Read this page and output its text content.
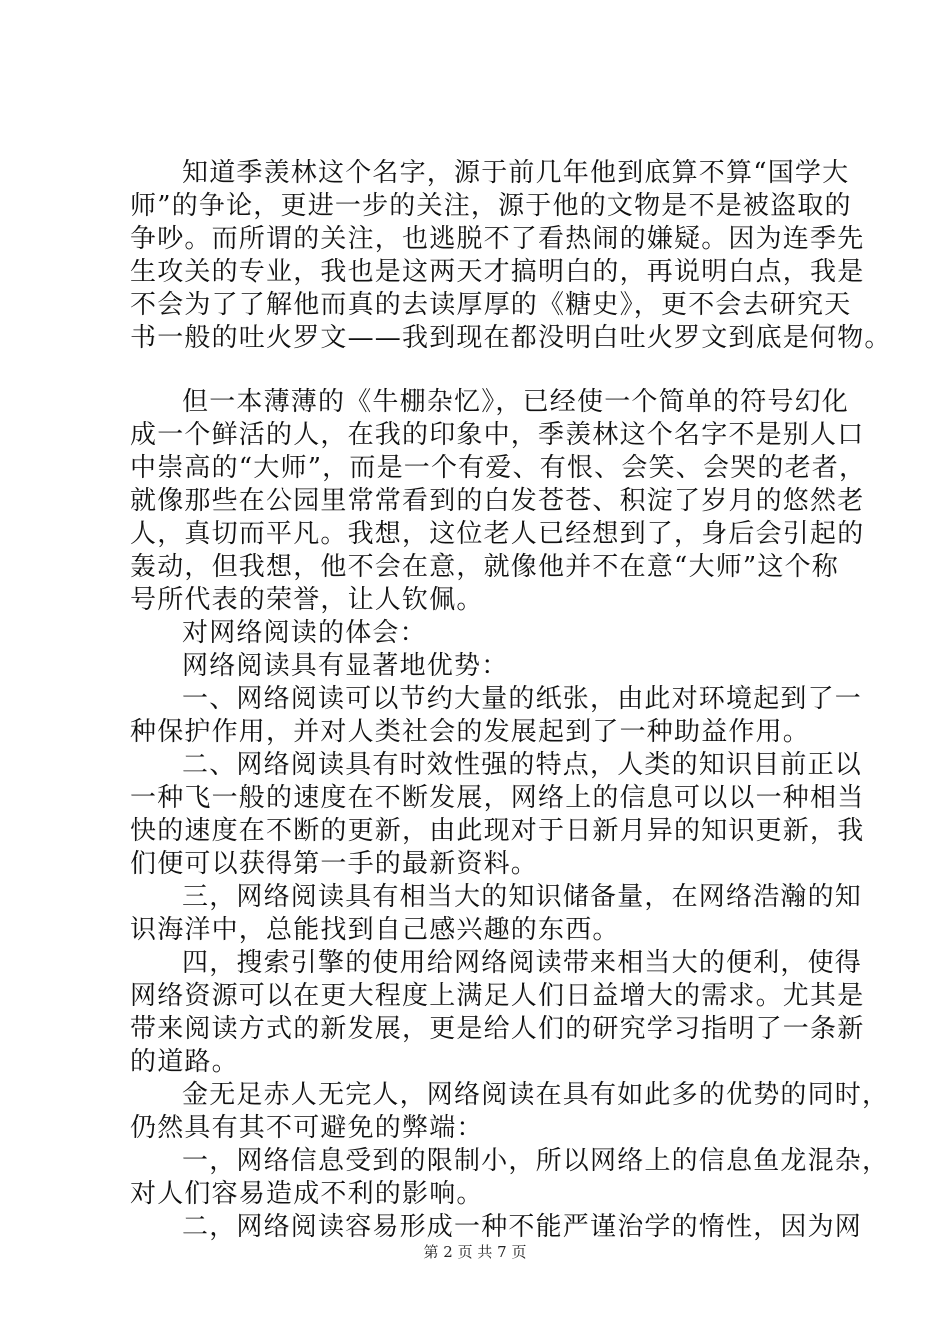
知道季羡林这个名字，源于前几年他到底算不算“国学大
师”的争论，更进一步的关注，源于他的文物是不是被盗取的
争吵。而所谓的关注，也逃脱不了看热闹的嫌疑。因为连季先
生攻关的专业，我也是这两天才搞明白的，再说明白点，我是
不会为了了解他而真的去读厚厚的《糖史》，更不会去研究天
书一般的吐火罗文——我到现在都没明白吐火罗文到底是何物。
但一本薄薄的《牛棚杂忆》，已经使一个简单的符号幻化
成一个鲜活的人，在我的印象中，季羡林这个名字不是别人口
中崇高的“大师”，而是一个有爱、有恨、会笑、会哭的老者，
就像那些在公园里常常看到的白发苍苍、积淀了岁月的悠然老
人，真切而平凡。我想，这位老人已经想到了，身后会引起的
轰动，但我想，他不会在意，就像他并不在意“大师”这个称
号所代表的荣誉，让人钦佩。
对网络阅读的体会：
网络阅读具有显著地优势：
一、网络阅读可以节约大量的纸张，由此对环境起到了一
种保护作用，并对人类社会的发展起到了一种助益作用。
二、网络阅读具有时效性强的特点，人类的知识目前正以
一种飞一般的速度在不断发展，网络上的信息可以以一种相当
快的速度在不断的更新，由此现对于日新月异的知识更新，我
们便可以获得第一手的最新资料。
三，网络阅读具有相当大的知识储备量，在网络浩瀚的知
识海洋中，总能找到自己感兴趣的东西。
四，搜索引擎的使用给网络阅读带来相当大的便利，使得
网络资源可以在更大程度上满足人们日益增大的需求。尤其是
带来阅读方式的新发展，更是给人们的研究学习指明了一条新
的道路。
金无足赤人无完人，网络阅读在具有如此多的优势的同时，
仍然具有其不可避免的弊端：
一，网络信息受到的限制小，所以网络上的信息鱼龙混杂，
对人们容易造成不利的影响。
二，网络阅读容易形成一种不能严谨治学的惰性，因为网
第 2 页 共 7 页
